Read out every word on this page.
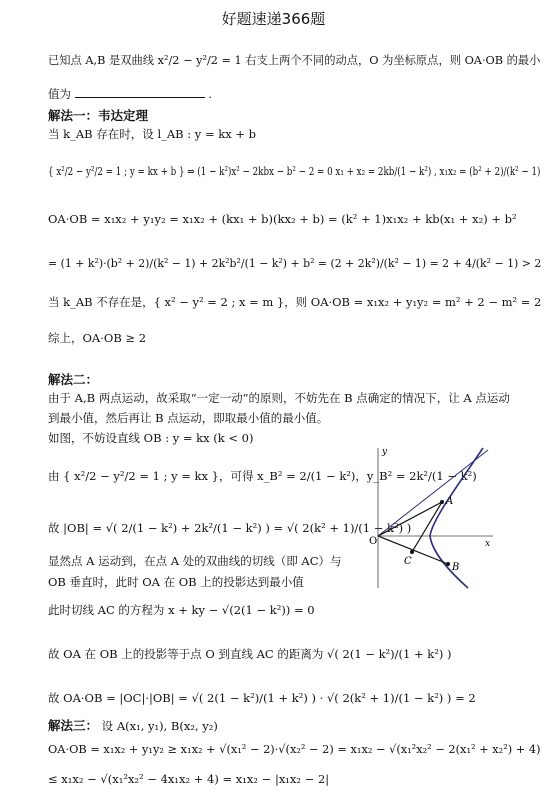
好题速递366题
已知点 A,B 是双曲线 x²/2 − y²/2 = 1 右支上两个不同的动点，O 为坐标原点，则 OA·OB 的最小
值为	.
解法一：韦达定理
当 k_AB 存在时，设 l_AB : y = kx + b
{ x²/2 − y²/2 = 1 ; y = kx + b } ⇒ (1 − k²)x² − 2kbx − b² − 2 = 0 x₁ + x₂ = 2kb/(1 − k²) , x₁x₂ = (b² + 2)/(k² − 1)
OA·OB = x₁x₂ + y₁y₂ = x₁x₂ + (kx₁ + b)(kx₂ + b) = (k² + 1)x₁x₂ + kb(x₁ + x₂) + b²
= (1 + k²)·(b² + 2)/(k² − 1) + 2k²b²/(1 − k²) + b² = (2 + 2k²)/(k² − 1) = 2 + 4/(k² − 1) > 2
当 k_AB 不存在是，{ x² − y² = 2 ; x = m }，则 OA·OB = x₁x₂ + y₁y₂ = m² + 2 − m² = 2
综上，OA·OB ≥ 2
解法二：
由于 A,B 两点运动，故采取“一定一动”的原则，不妨先在 B 点确定的情况下，让 A 点运动
到最小值，然后再让 B 点运动，即取最小值的最小值。
如图，不妨设直线 OB : y = kx (k < 0)
由 { x²/2 − y²/2 = 1 ; y = kx }，可得 x_B² = 2/(1 − k²)，y_B² = 2k²/(1 − k²)
故 |OB| = √( 2/(1 − k²) + 2k²/(1 − k²) ) = √( 2(k² + 1)/(1 − k²) )
显然点 A 运动到，在点 A 处的双曲线的切线（即 AC）与
OB 垂直时，此时 OA 在 OB 上的投影达到最小值
此时切线 AC 的方程为 x + ky − √(2(1 − k²)) = 0
故 OA 在 OB 上的投影等于点 O 到直线 AC 的距离为 √( 2(1 − k²)/(1 + k²) )
故 OA·OB = |OC|·|OB| = √( 2(1 − k²)/(1 + k²) ) · √( 2(k² + 1)/(1 − k²) ) = 2
解法三： 设 A(x₁, y₁), B(x₂, y₂)
OA·OB = x₁x₂ + y₁y₂ ≥ x₁x₂ + √(x₁² − 2)·√(x₂² − 2) = x₁x₂ − √(x₁²x₂² − 2(x₁² + x₂²) + 4)
≤ x₁x₂ − √(x₁²x₂² − 4x₁x₂ + 4) = x₁x₂ − |x₁x₂ − 2|
y
x
O
A
B
C
